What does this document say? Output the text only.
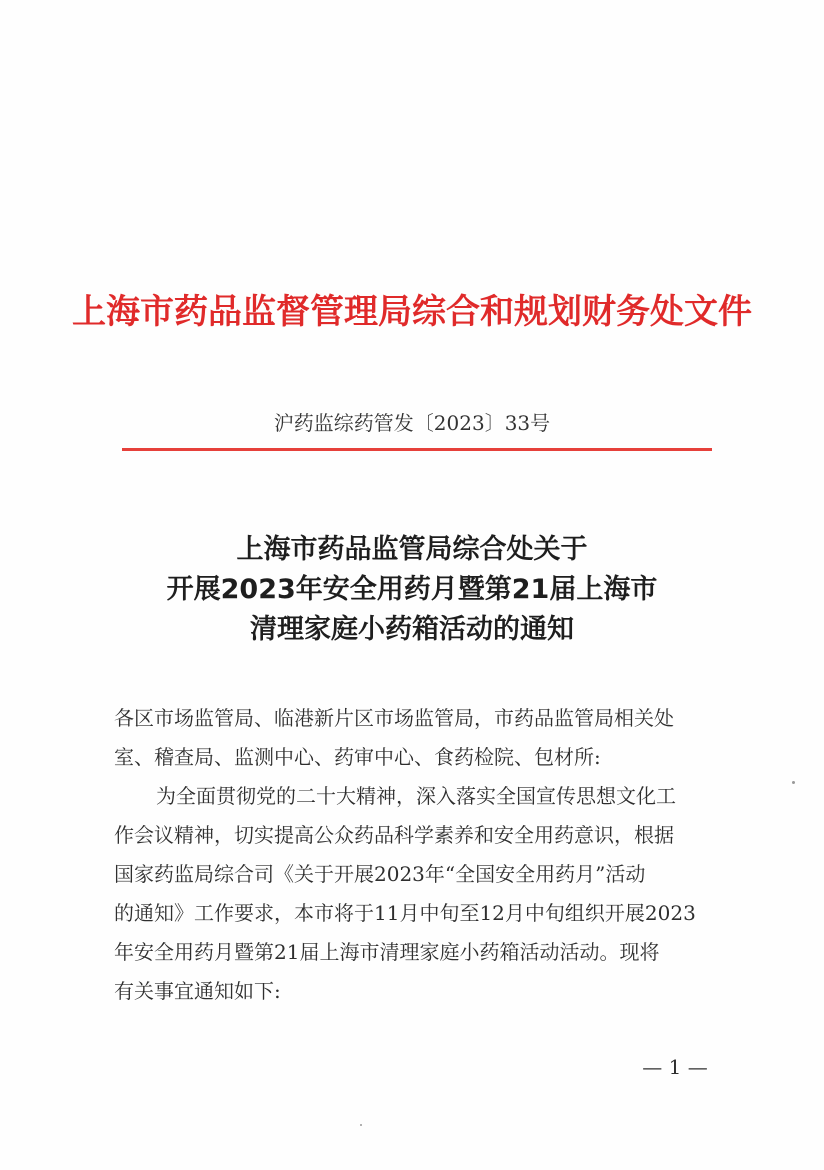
上海市药品监督管理局综合和规划财务处文件
沪药监综药管发〔2023〕33号
上海市药品监管局综合处关于
开展2023年安全用药月暨第21届上海市
清理家庭小药箱活动的通知
各区市场监管局、临港新片区市场监管局，市药品监管局相关处
室、稽查局、监测中心、药审中心、食药检院、包材所:
为全面贯彻党的二十大精神，深入落实全国宣传思想文化工
作会议精神，切实提高公众药品科学素养和安全用药意识，根据
国家药监局综合司《关于开展2023年“全国安全用药月”活动
的通知》工作要求，本市将于11月中旬至12月中旬组织开展2023
年安全用药月暨第21届上海市清理家庭小药箱活动活动。现将
有关事宜通知如下:
— 1 —
